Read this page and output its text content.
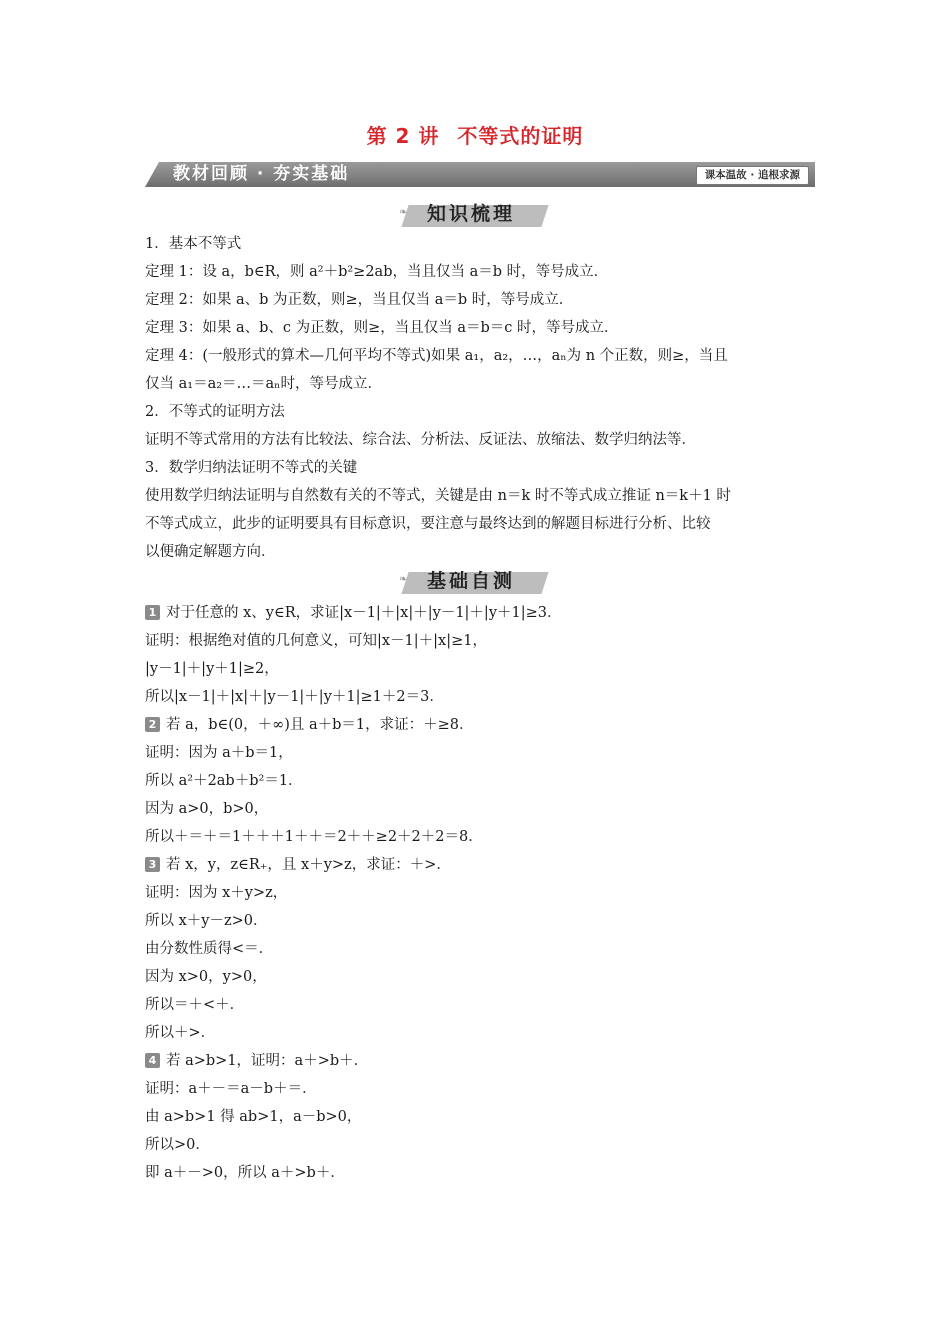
第 2 讲 不等式的证明
教材回顾 · 夯实基础	课本温故 · 追根求源
❧ 知识梳理
1．基本不等式
定理 1：设 a，b∈R，则 a²＋b²≥2ab，当且仅当 a＝b 时，等号成立．
定理 2：如果 a、b 为正数，则≥，当且仅当 a＝b 时，等号成立．
定理 3：如果 a、b、c 为正数，则≥，当且仅当 a＝b＝c 时，等号成立．
定理 4：(一般形式的算术—几何平均不等式)如果 a₁，a₂，…，aₙ为 n 个正数，则≥，当且
仅当 a₁＝a₂＝…＝aₙ时，等号成立．
2．不等式的证明方法
证明不等式常用的方法有比较法、综合法、分析法、反证法、放缩法、数学归纳法等．
3．数学归纳法证明不等式的关键
使用数学归纳法证明与自然数有关的不等式，关键是由 n＝k 时不等式成立推证 n＝k＋1 时
不等式成立，此步的证明要具有目标意识，要注意与最终达到的解题目标进行分析、比较
以便确定解题方向．
❧ 基础自测
1 对于任意的 x、y∈R，求证|x－1|＋|x|＋|y－1|＋|y＋1|≥3．
证明：根据绝对值的几何意义，可知|x－1|＋|x|≥1，
|y－1|＋|y＋1|≥2，
所以|x－1|＋|x|＋|y－1|＋|y＋1|≥1＋2＝3．
2 若 a，b∈(0，＋∞)且 a＋b＝1，求证：＋≥8．
证明：因为 a＋b＝1，
所以 a²＋2ab＋b²＝1．
因为 a>0，b>0，
所以＋＝＋＝1＋＋＋1＋＋＝2＋＋≥2＋2＋2＝8．
3 若 x，y，z∈R₊，且 x＋y>z，求证：＋>．
证明：因为 x＋y>z，
所以 x＋y－z>0．
由分数性质得<＝．
因为 x>0，y>0，
所以＝＋<＋．
所以＋>．
4 若 a>b>1，证明：a＋>b＋．
证明：a＋－＝a－b＋＝．
由 a>b>1 得 ab>1，a－b>0，
所以>0．
即 a＋－>0，所以 a＋>b＋．
